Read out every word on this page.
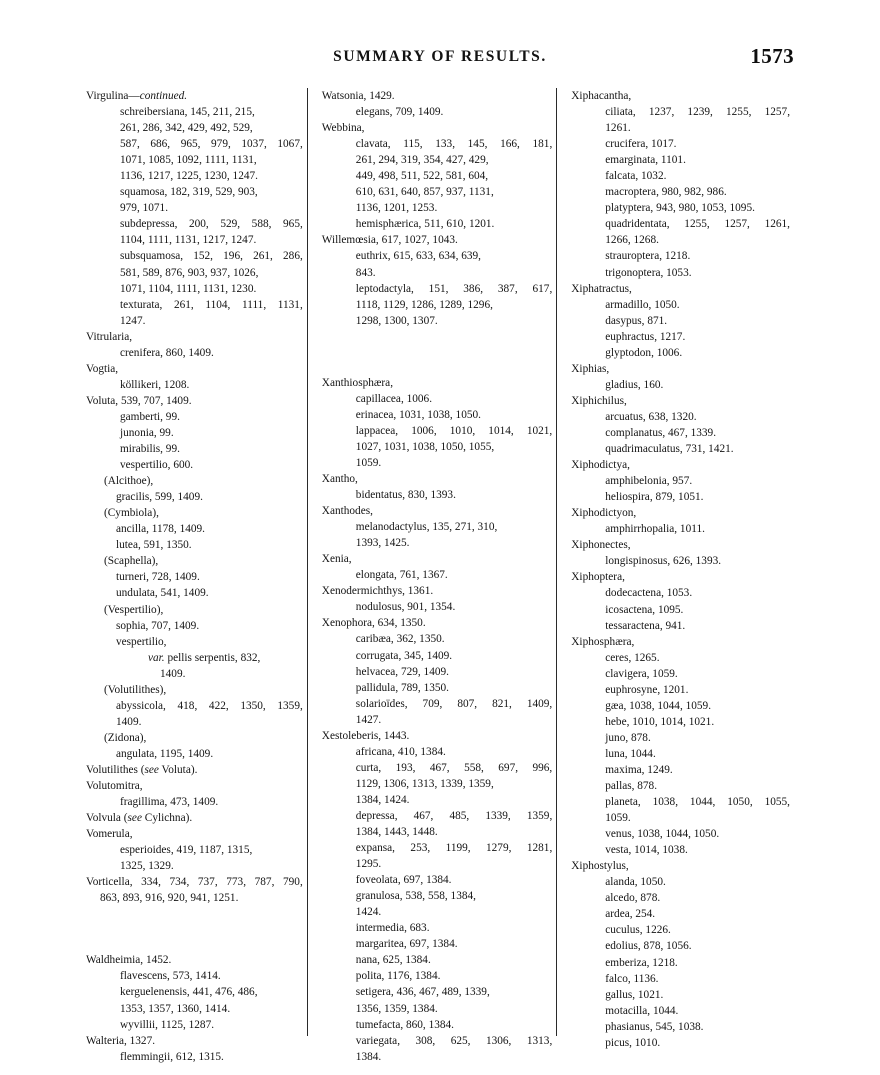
SUMMARY OF RESULTS.	1573
Virgulina—continued.
schreibersiana, 145, 211, 215,
261, 286, 342, 429, 492, 529,
587, 686, 965, 979, 1037, 1067,
1071, 1085, 1092, 1111, 1131,
1136, 1217, 1225, 1230, 1247.
squamosa, 182, 319, 529, 903,
979, 1071.
subdepressa, 200, 529, 588, 965,
1104, 1111, 1131, 1217, 1247.
subsquamosa, 152, 196, 261, 286,
581, 589, 876, 903, 937, 1026,
1071, 1104, 1111, 1131, 1230.
texturata, 261, 1104, 1111, 1131,
1247.
Vitrularia,
crenifera, 860, 1409.
Vogtia,
köllikeri, 1208.
Voluta, 539, 707, 1409.
gamberti, 99.
junonia, 99.
mirabilis, 99.
vespertilio, 600.
(Alcithoе),
gracilis, 599, 1409.
(Cymbiola),
ancilla, 1178, 1409.
lutea, 591, 1350.
(Scaphella),
turneri, 728, 1409.
undulata, 541, 1409.
(Vespertilio),
sophia, 707, 1409.
vespertilio,
var. pellis serpentis, 832,
1409.
(Volutilithes),
abyssicola, 418, 422, 1350, 1359,
1409.
(Zidona),
angulata, 1195, 1409.
Volutilithes (see Voluta).
Volutomitra,
fragillima, 473, 1409.
Volvula (see Cylichna).
Vomerula,
esperioides, 419, 1187, 1315,
1325, 1329.
Vorticella, 334, 734, 737, 773, 787, 790,
863, 893, 916, 920, 941, 1251.
Waldheimia, 1452.
flavescens, 573, 1414.
kerguelenensis, 441, 476, 486,
1353, 1357, 1360, 1414.
wyvillii, 1125, 1287.
Walteria, 1327.
flemmingii, 612, 1315.
Watsonia, 1429.
elegans, 709, 1409.
Webbina,
clavata, 115, 133, 145, 166, 181,
261, 294, 319, 354, 427, 429,
449, 498, 511, 522, 581, 604,
610, 631, 640, 857, 937, 1131,
1136, 1201, 1253.
hemisphærica, 511, 610, 1201.
Willemœsia, 617, 1027, 1043.
euthrix, 615, 633, 634, 639,
843.
leptodactyla, 151, 386, 387, 617,
1118, 1129, 1286, 1289, 1296,
1298, 1300, 1307.
Xanthiosphæra,
capillacea, 1006.
erinacea, 1031, 1038, 1050.
lappacea, 1006, 1010, 1014, 1021,
1027, 1031, 1038, 1050, 1055,
1059.
Xantho,
bidentatus, 830, 1393.
Xanthodes,
melanodactylus, 135, 271, 310,
1393, 1425.
Xenia,
elongata, 761, 1367.
Xenodermichthys, 1361.
nodulosus, 901, 1354.
Xenophora, 634, 1350.
caribæa, 362, 1350.
corrugata, 345, 1409.
helvacea, 729, 1409.
pallidula, 789, 1350.
solarioïdes, 709, 807, 821, 1409,
1427.
Xestoleberis, 1443.
africana, 410, 1384.
curta, 193, 467, 558, 697, 996,
1129, 1306, 1313, 1339, 1359,
1384, 1424.
depressa, 467, 485, 1339, 1359,
1384, 1443, 1448.
expansa, 253, 1199, 1279, 1281,
1295.
foveolata, 697, 1384.
granulosa, 538, 558, 1384,
1424.
intermedia, 683.
margaritea, 697, 1384.
nana, 625, 1384.
polita, 1176, 1384.
setigera, 436, 467, 489, 1339,
1356, 1359, 1384.
tumefacta, 860, 1384.
variegata, 308, 625, 1306, 1313,
1384.
Xiphacantha,
ciliata, 1237, 1239, 1255, 1257,
1261.
crucifera, 1017.
emarginata, 1101.
falcata, 1032.
macroptera, 980, 982, 986.
platyptera, 943, 980, 1053, 1095.
quadridentata, 1255, 1257, 1261,
1266, 1268.
strauroptera, 1218.
trigonoptera, 1053.
Xiphatractus,
armadillo, 1050.
dasypus, 871.
euphractus, 1217.
glyptodon, 1006.
Xiphias,
gladius, 160.
Xiphichilus,
arcuatus, 638, 1320.
complanatus, 467, 1339.
quadrimaculatus, 731, 1421.
Xiphodictya,
amphibelonia, 957.
heliospira, 879, 1051.
Xiphodictyon,
amphirrhopalia, 1011.
Xiphonectes,
longispinosus, 626, 1393.
Xiphoptera,
dodecactena, 1053.
icosactena, 1095.
tessaractena, 941.
Xiphosphæra,
ceres, 1265.
clavigera, 1059.
euphrosyne, 1201.
gæa, 1038, 1044, 1059.
hebe, 1010, 1014, 1021.
juno, 878.
luna, 1044.
maxima, 1249.
pallas, 878.
planeta, 1038, 1044, 1050, 1055,
1059.
venus, 1038, 1044, 1050.
vesta, 1014, 1038.
Xiphostylus,
alanda, 1050.
alcedo, 878.
ardea, 254.
cuculus, 1226.
edolius, 878, 1056.
emberiza, 1218.
falco, 1136.
gallus, 1021.
motacilla, 1044.
phasianus, 545, 1038.
picus, 1010.
